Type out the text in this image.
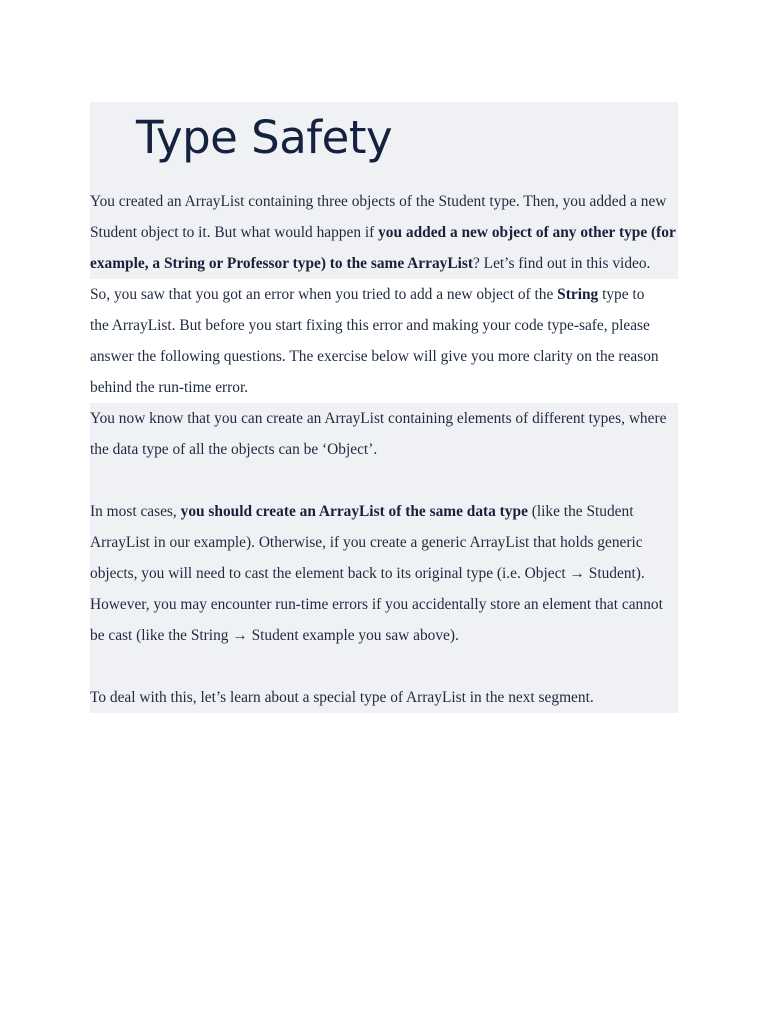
Type Safety

You created an ArrayList containing three objects of the Student type. Then, you added a new Student object to it. But what would happen if you added a new object of any other type (for example, a String or Professor type) to the same ArrayList? Let’s find out in this video.

So, you saw that you got an error when you tried to add a new object of the String type to the ArrayList. But before you start fixing this error and making your code type-safe, please answer the following questions. The exercise below will give you more clarity on the reason behind the run-time error.

You now know that you can create an ArrayList containing elements of different types, where the data type of all the objects can be ‘Object’.

In most cases, you should create an ArrayList of the same data type (like the Student ArrayList in our example). Otherwise, if you create a generic ArrayList that holds generic objects, you will need to cast the element back to its original type (i.e. Object → Student). However, you may encounter run-time errors if you accidentally store an element that cannot be cast (like the String → Student example you saw above).

To deal with this, let’s learn about a special type of ArrayList in the next segment.
